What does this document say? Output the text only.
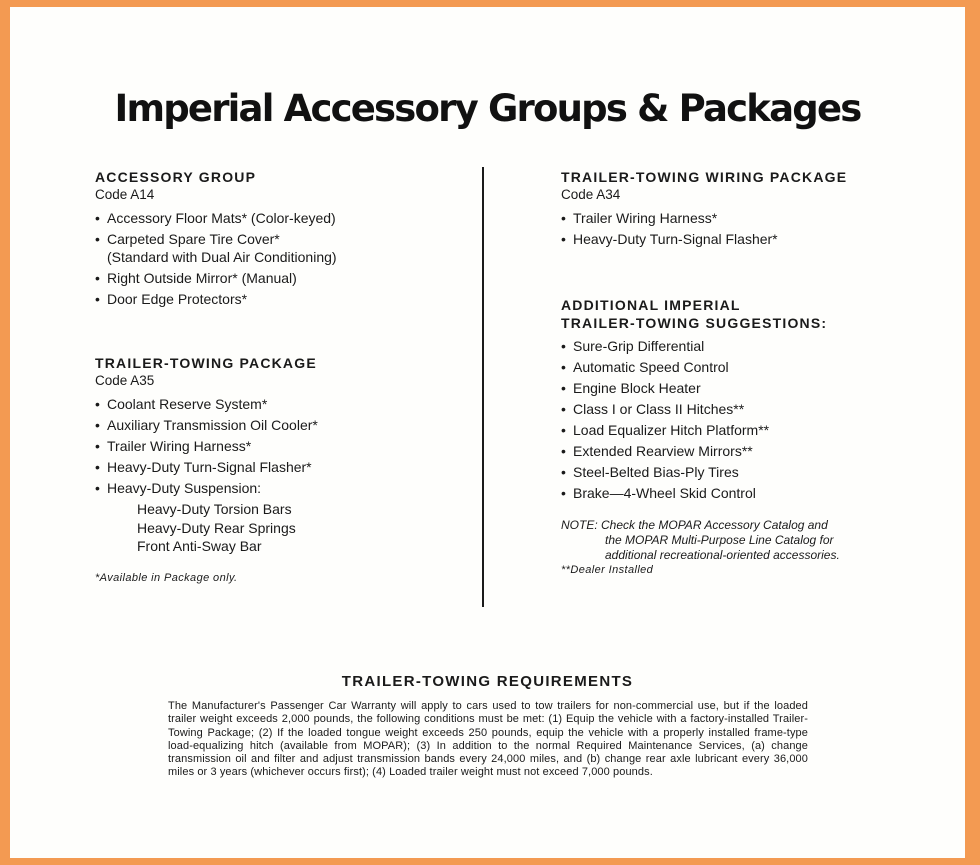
Imperial Accessory Groups & Packages
ACCESSORY GROUP
Code A14
• Accessory Floor Mats* (Color-keyed)
• Carpeted Spare Tire Cover*
(Standard with Dual Air Conditioning)
• Right Outside Mirror* (Manual)
• Door Edge Protectors*
TRAILER-TOWING PACKAGE
Code A35
• Coolant Reserve System*
• Auxiliary Transmission Oil Cooler*
• Trailer Wiring Harness*
• Heavy-Duty Turn-Signal Flasher*
• Heavy-Duty Suspension:
Heavy-Duty Torsion Bars
Heavy-Duty Rear Springs
Front Anti-Sway Bar
*Available in Package only.
TRAILER-TOWING WIRING PACKAGE
Code A34
• Trailer Wiring Harness*
• Heavy-Duty Turn-Signal Flasher*
ADDITIONAL IMPERIAL
TRAILER-TOWING SUGGESTIONS:
• Sure-Grip Differential
• Automatic Speed Control
• Engine Block Heater
• Class I or Class II Hitches**
• Load Equalizer Hitch Platform**
• Extended Rearview Mirrors**
• Steel-Belted Bias-Ply Tires
• Brake—4-Wheel Skid Control
NOTE: Check the MOPAR Accessory Catalog and
the MOPAR Multi-Purpose Line Catalog for
additional recreational-oriented accessories.
**Dealer Installed
TRAILER-TOWING REQUIREMENTS
The Manufacturer's Passenger Car Warranty will apply to cars used to tow trailers for non-commercial use, but if the loaded trailer weight exceeds 2,000 pounds, the following conditions must be met: (1) Equip the vehicle with a factory-installed Trailer-Towing Package; (2) If the loaded tongue weight exceeds 250 pounds, equip the vehicle with a properly installed frame-type load-equalizing hitch (available from MOPAR); (3) In addition to the normal Required Maintenance Services, (a) change transmission oil and filter and adjust transmission bands every 24,000 miles, and (b) change rear axle lubricant every 36,000 miles or 3 years (whichever occurs first); (4) Loaded trailer weight must not exceed 7,000 pounds.
